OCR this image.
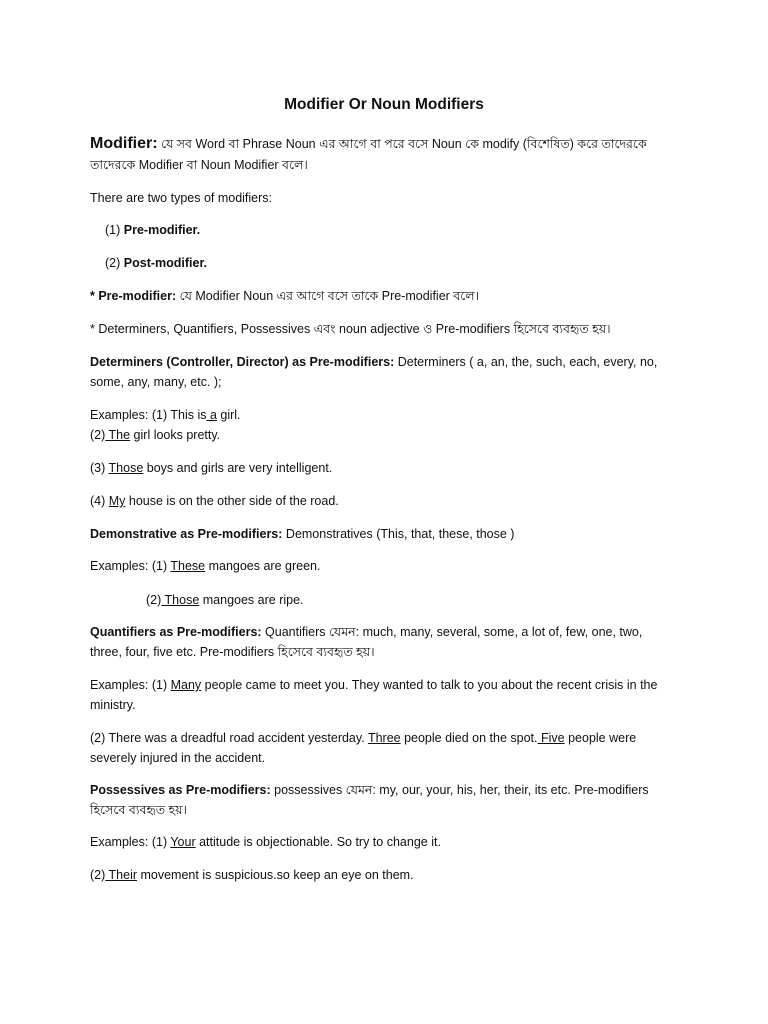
Modifier Or Noun Modifiers
Modifier: যে সব Word বা Phrase Noun এর আগে বা পরে বসে Noun কে modify (বিশেষিত) করে তাদেরকে
তাদেরকে Modifier বা Noun Modifier বলে।
There are two types of modifiers:
(1) Pre-modifier.
(2) Post-modifier.
* Pre-modifier: যে Modifier Noun এর আগে বসে তাকে Pre-modifier বলে।
* Determiners, Quantifiers, Possessives এবং noun adjective ও Pre-modifiers হিসেবে ব্যবহৃত হয়।
Determiners (Controller, Director) as Pre-modifiers: Determiners ( a, an, the, such, each, every, no,
some, any, many, etc. );
Examples: (1) This is a girl.
(2) The girl looks pretty.
(3) Those boys and girls are very intelligent.
(4) My house is on the other side of the road.
Demonstrative as Pre-modifiers: Demonstratives (This, that, these, those )
Examples: (1) These mangoes are green.
(2) Those mangoes are ripe.
Quantifiers as Pre-modifiers: Quantifiers যেমন: much, many, several, some, a lot of, few, one, two,
three, four, five etc. Pre-modifiers হিসেবে ব্যবহৃত হয়।
Examples: (1) Many people came to meet you. They wanted to talk to you about the recent crisis in the
ministry.
(2) There was a dreadful road accident yesterday. Three people died on the spot. Five people were
severely injured in the accident.
Possessives as Pre-modifiers: possessives যেমন: my, our, your, his, her, their, its etc. Pre-modifiers
হিসেবে ব্যবহৃত হয়।
Examples: (1) Your attitude is objectionable. So try to change it.
(2) Their movement is suspicious.so keep an eye on them.
